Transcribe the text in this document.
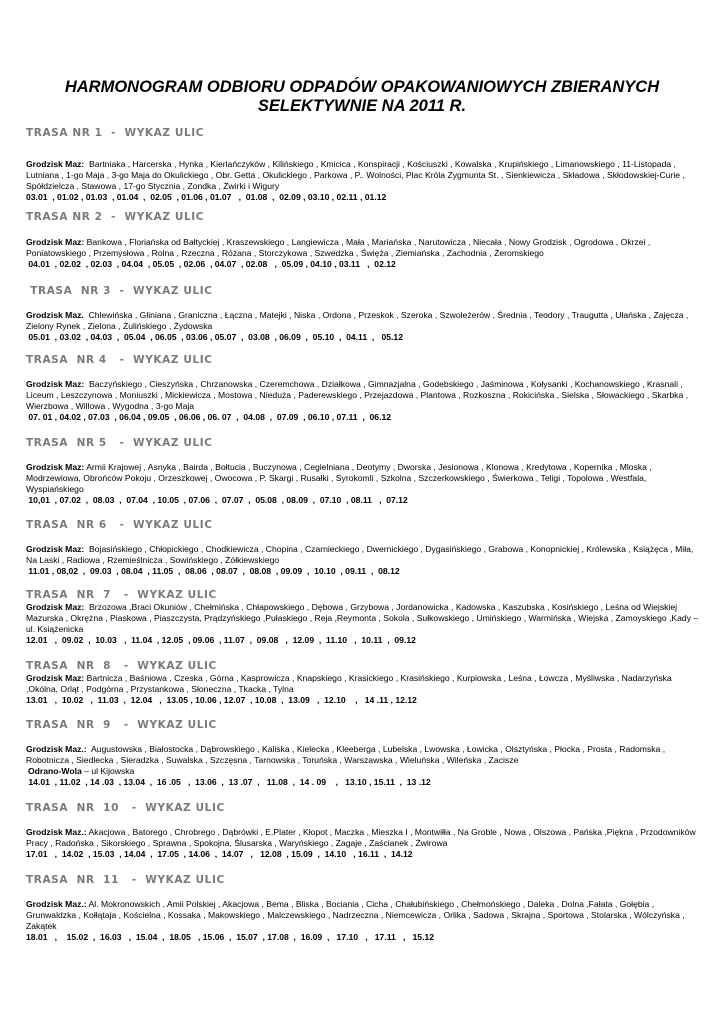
HARMONOGRAM ODBIORU ODPADÓW OPAKOWANIOWYCH ZBIERANYCH
SELEKTYWNIE NA 2011 R.
TRASA NR 1  -  WYKAZ ULIC

Grodzisk Maz: Bartniaka , Harcerska , Hynka , Kierlańczyków , Kilińskiego , Kmicica , Konspiracji , Kościuszki , Kowalska , Krupińskiego , Limanowskiego , 11-Listopada , Lutniana , 1-go Maja , 3-go Maja do Okulickiego , Obr. Getta , Okulickiego , Parkowa , P.. Wolności, Plac Króla Zygmunta St. , Sienkiewicza , Składowa , Skłodowskiej-Curie , Spółdzielcza , Stawowa , 17-go Stycznia , Zondka , Żwirki i Wigury

03.01  , 01.02 , 01.03  , 01.04  ,  02.05  , 01.06 , 01.07   ,  01.08  ,  02.09 , 03.10 , 02.11 , 01.12
TRASA NR 2  -  WYKAZ ULIC

Grodzisk Maz: Bankowa , Floriańska od Bałtyckiej , Kraszewskiego , Langiewicza , Mała , Mariańska , Narutowicza , Niecała , Nowy Grodzisk , Ogrodowa , Okrzei , Poniatowskiego , Przemysłowa , Rolna , Rzeczna , Różana , Storczykowa , Szwedzka , Święża , Ziemiańska , Zachodnia , Żeromskiego

04.01  , 02.02  , 02.03  , 04.04  , 05.05  , 02.06  , 04.07  , 02.08   ,  05.09 , 04.10 , 03.11   ,  02.12
TRASA  NR 3  -  WYKAZ ULIC

Grodzisk Maz. Chlewińska , Gliniana , Graniczna , Łączna , Matejki , Niska , Ordona , Przeskok , Szeroka , Szwoleżerów , Średnia , Teodory , Traugutta , Ułańska , Zajęcza , Zielony Rynek , Zielona , Żulińskiego , Żydowska

05.01  , 03.02  , 04.03  ,  05.04  , 06.05  , 03.06 , 05.07  ,  03.08  , 06.09  ,  05.10  ,  04.11  ,   05.12
TRASA  NR 4   -  WYKAZ ULIC

Grodzisk Maz: Baczyńskiego , Cieszyńska , Chrzanowska , Czeremchowa , Działkowa , Gimnazjalna , Godebskiego , Jaśminowa , Kołysanki , Kochanowskiego , Krasnali , Liceum , Leszczynowa , Moniuszki , Mickiewicza , Mostowa , Nieduża , Paderewskiego , Przejazdowa , Plantowa , Rozkoszna , Rokicińska , Sielska , Słowackiego , Skarbka , Wierzbowa , Willowa , Wygodna , 3-go Maja

07. 01 , 04.02 , 07.03  , 06.04 , 09.05  , 06.06 , 06. 07  ,  04.08  ,  07.09  , 06.10 , 07.11  ,  06.12
TRASA  NR 5   -  WYKAZ ULIC

Grodzisk Maz: Armii Krajowej , Asnyka , Bairda , Bołtucia , Buczynowa , Cegielniana , Deotymy , Dworska , Jesionowa , Klonowa , Kredytowa , Kopernika , Mloska , Modrzewiowa, Obrońców Pokoju , Orzeszkowej , Owocowa , P. Skargi , Rusałki , Syrokomli , Szkolna , Szczerkowskiego , Świerkowa , Teligi , Topolowa , Westfala, Wyspiańskiego

10,01  , 07.02  ,  08.03  ,  07.04  , 10.05  , 07.06  ,  07.07  ,  05.08  , 08.09  ,  07.10  , 08.11   ,  07.12
TRASA  NR 6   -  WYKAZ ULIC

Grodzisk Maz: Bojasińskiego , Chłopickiego , Chodkiewicza , Chopina , Czarnieckiego , Dwernickiego , Dygasińskiego , Grabowa , Konopnickiej , Królewska , Książęca , Miła, Na Laski , Radiowa , Rzemieślnicza , Sowińskiego , Żółkiewskiego

11.01 , 08,02  ,  09.03  , 08.04  , 11.05  ,  08.06  , 08.07  ,  08.08  , 09.09  ,  10.10  , 09.11  ,  08.12
TRASA  NR  7   -  WYKAZ ULIC

Grodzisk Maz: Brzozowa ,Braci Okuniów , Chełmińska , Chłapowskiego , Dębowa , Grzybowa , Jordanowicka , Kadowska , Kaszubska , Kosińskiego , Leśna od Wiejskiej Mazurska , Okrężna , Piaskowa , Piaszczysta, Prądzyńskiego ,Pułaskiego , Reja ,Reymonta , Sokola , Sułkowskiego , Umińskiego , Warmińska , Wiejska , Zamoyskiego ,Kady – ul. Książenicka

12.01   ,  09.02  ,  10.03   ,  11.04  , 12.05  , 09.06  , 11.07  ,  09.08   ,  12.09  ,  11.10   ,  10.11  ,  09.12
TRASA  NR  8   -  WYKAZ ULIC

Grodzisk Maz: Bartnicza , Baśniowa , Czeska , Górna , Kasprowicza , Knapskiego , Krasickiego , Krasińskiego , Kurpiowska , Leśna , Łowcza , Myśliwska , Nadarzyńska ,Okólna, Orląt , Podgórna , Przystankowa , Słoneczna , Tkacka , Tylna

13.01   ,  10.02   ,  11.03  ,  12.04   ,  13.05 , 10.06 , 12.07  , 10.08  ,  13.09   ,  12.10    ,   14 .11 , 12.12
TRASA  NR  9   -  WYKAZ ULIC

Grodzisk Maz.: Augustowska , Białostocka , Dąbrowskiego , Kaliska , Kielecka , Kleeberga , Lubelska , Lwowska , Łowicka , Olsztyńska , Płocka , Prosta , Radomska , Robotnicza , Siedlecka , Sieradzka , Suwalska , Szczęsna , Tarnowska , Toruńska , Warszawska , Wieluńska , Wileńska , Zacisze

Odrano-Wola – ul Kijowska
14.01  , 11.02  , 14 .03  , 13.04  ,  16 .05   ,  13.06  ,  13 .07  ,   11.08  ,  14 . 09    ,   13.10 , 15.11  ,  13 .12
TRASA  NR  10   -  WYKAZ ULIC

Grodzisk Maz.: Akacjowa , Batorego , Chrobrego , Dąbrówki , E.Plater , Kłopot , Maczka , Mieszka I , Montwiłła , Na Groble , Nowa , Olszowa , Pańska ,Piękna , Przodowników Pracy , Radońska , Sikorskiego , Sprawna , Spokojna, Ślusarska , Waryńskiego , Zagaje , Zaścianek , Żwirowa

17.01   ,  14.02  , 15.03  , 14.04  ,  17.05  , 14.06  ,  14.07   ,   12.08  , 15.09  ,  14.10   , 16.11  ,  14.12
TRASA  NR  11   -  WYKAZ ULIC

Grodzisk Maz.: Al. Mokronowskich , Amii Polskiej , Akacjowa , Bema , Bliska , Bociania , Cicha , Chałubińskiego , Chełmońskiego , Daleka , Dolna ,Fałata , Gołębia , Grunwaldzka , Kołłątaja , Kościelna , Kossaka , Makowskiego , Malczewskiego , Nadrzeczna , Niemcewicza , Orlika , Sadowa , Skrajna , Sportowa , Stolarska , Wólczyńska , Zakątek

18.01   ,    15.02  ,  16.03   ,  15.04  ,  18.05   , 15.06  ,  15.07  , 17.08  ,  16.09  ,   17.10   ,   17.11   ,   15.12
